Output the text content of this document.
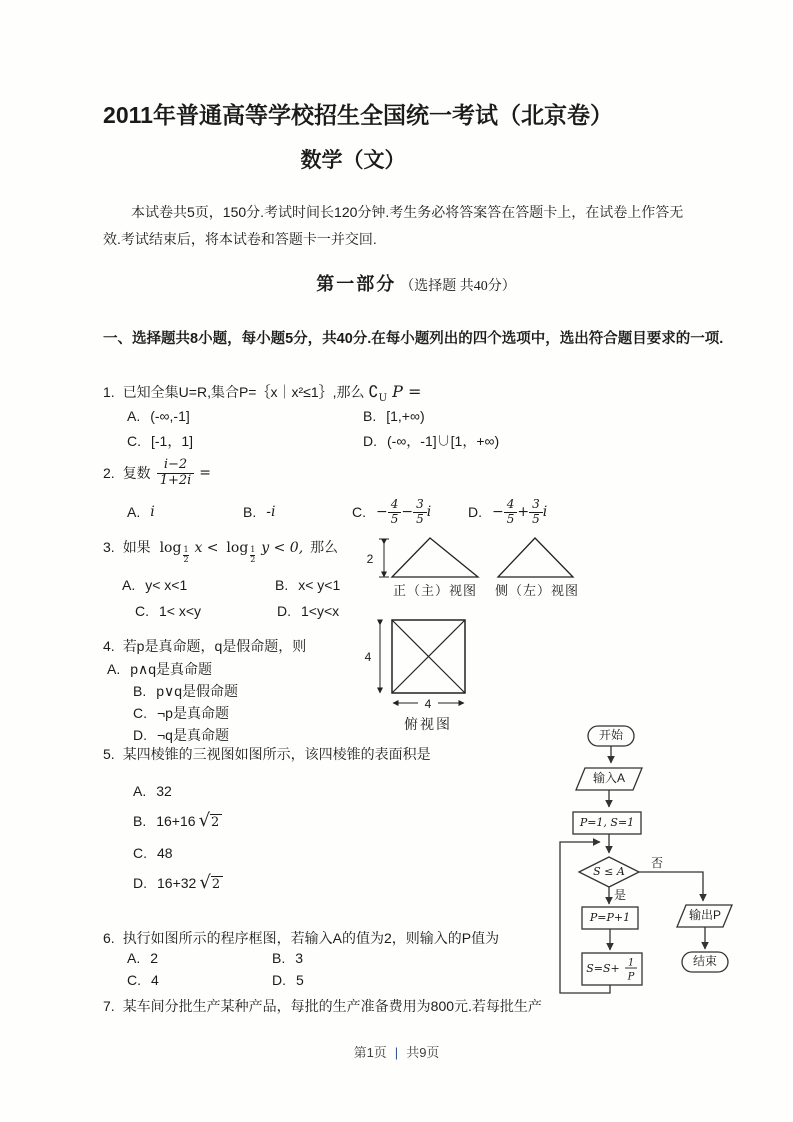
2011年普通高等学校招生全国统一考试（北京卷）
数学（文）
本试卷共5页，150分.考试时间长120分钟.考生务必将答案答在答题卡上，在试卷上作答无效.考试结束后，将本试卷和答题卡一并交回.
第一部分 （选择题 共40分）
一、选择题共8小题，每小题5分，共40分.在每小题列出的四个选项中，选出符合题目要求的一项.
1. 已知全集U=R,集合P=｛x｜x²≤1｝,那么 $∁_U$ P =
A. (-∞,-1]	B. [1,+∞)
C. [-1，1]	D. (-∞，-1]∪[1，+∞)
2. 复数 $\frac{i-2}{1+2i}$ =
A. i	B. -i	C. − $\frac{4}{5} - \frac{3}{5}$ i	D. − $\frac{4}{5} + \frac{3}{5}$ i
3. 如果 $\log \frac{1}{2}$ $x < \log \frac{1}{2}$ y < 0, 那么
A. y< x<1	B. x< y<1
C. 1< x<y	D. 1<y<x
2
正（主）视图 侧（左）视图
4
4
俯视图
4. 若p是真命题，q是假命题，则
A. p∧q是真命题
B. p∨q是假命题
C. ¬p是真命题
D. ¬q是真命题
5. 某四棱锥的三视图如图所示，该四棱锥的表面积是
A. 32
B. 16+16 √2
C. 48
D. 16+32 √2
开始
输入A
P=1, S=1
S ≤ A
否
是
P=P+1
S=S+ 1
P
输出P
结束
6. 执行如图所示的程序框图，若输入A的值为2，则输入的P值为
A. 2	B. 3
C. 4	D. 5
7. 某车间分批生产某种产品，每批的生产准备费用为800元.若每批生产
第1页 | 共9页
